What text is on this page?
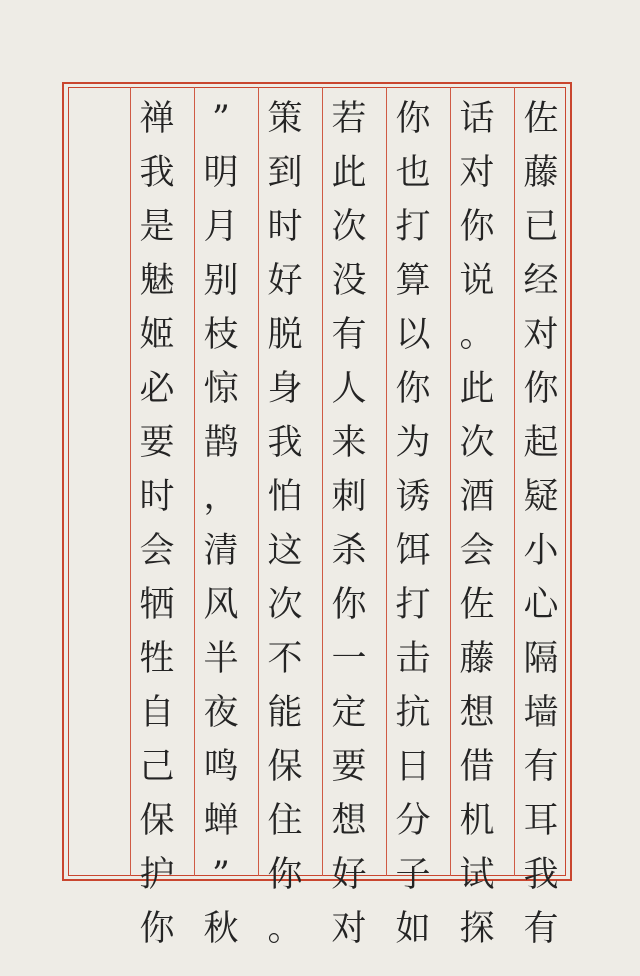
佐
藤
已
经
对
你
起
疑
小
心
隔
墙
有
耳
我
有
话
对
你
说
。
此
次
酒
会
佐
藤
想
借
机
试
探
你
也
打
算
以
你
为
诱
饵
打
击
抗
日
分
子
如
若
此
次
没
有
人
来
刺
杀
你
一
定
要
想
好
对
策
到
时
好
脱
身
我
怕
这
次
不
能
保
住
你
。
”
明
月
别
枝
惊
鹊
，
清
风
半
夜
鸣
蝉
”
秋
禅
我
是
魅
姬
必
要
时
会
牺
牲
自
己
保
护
你
